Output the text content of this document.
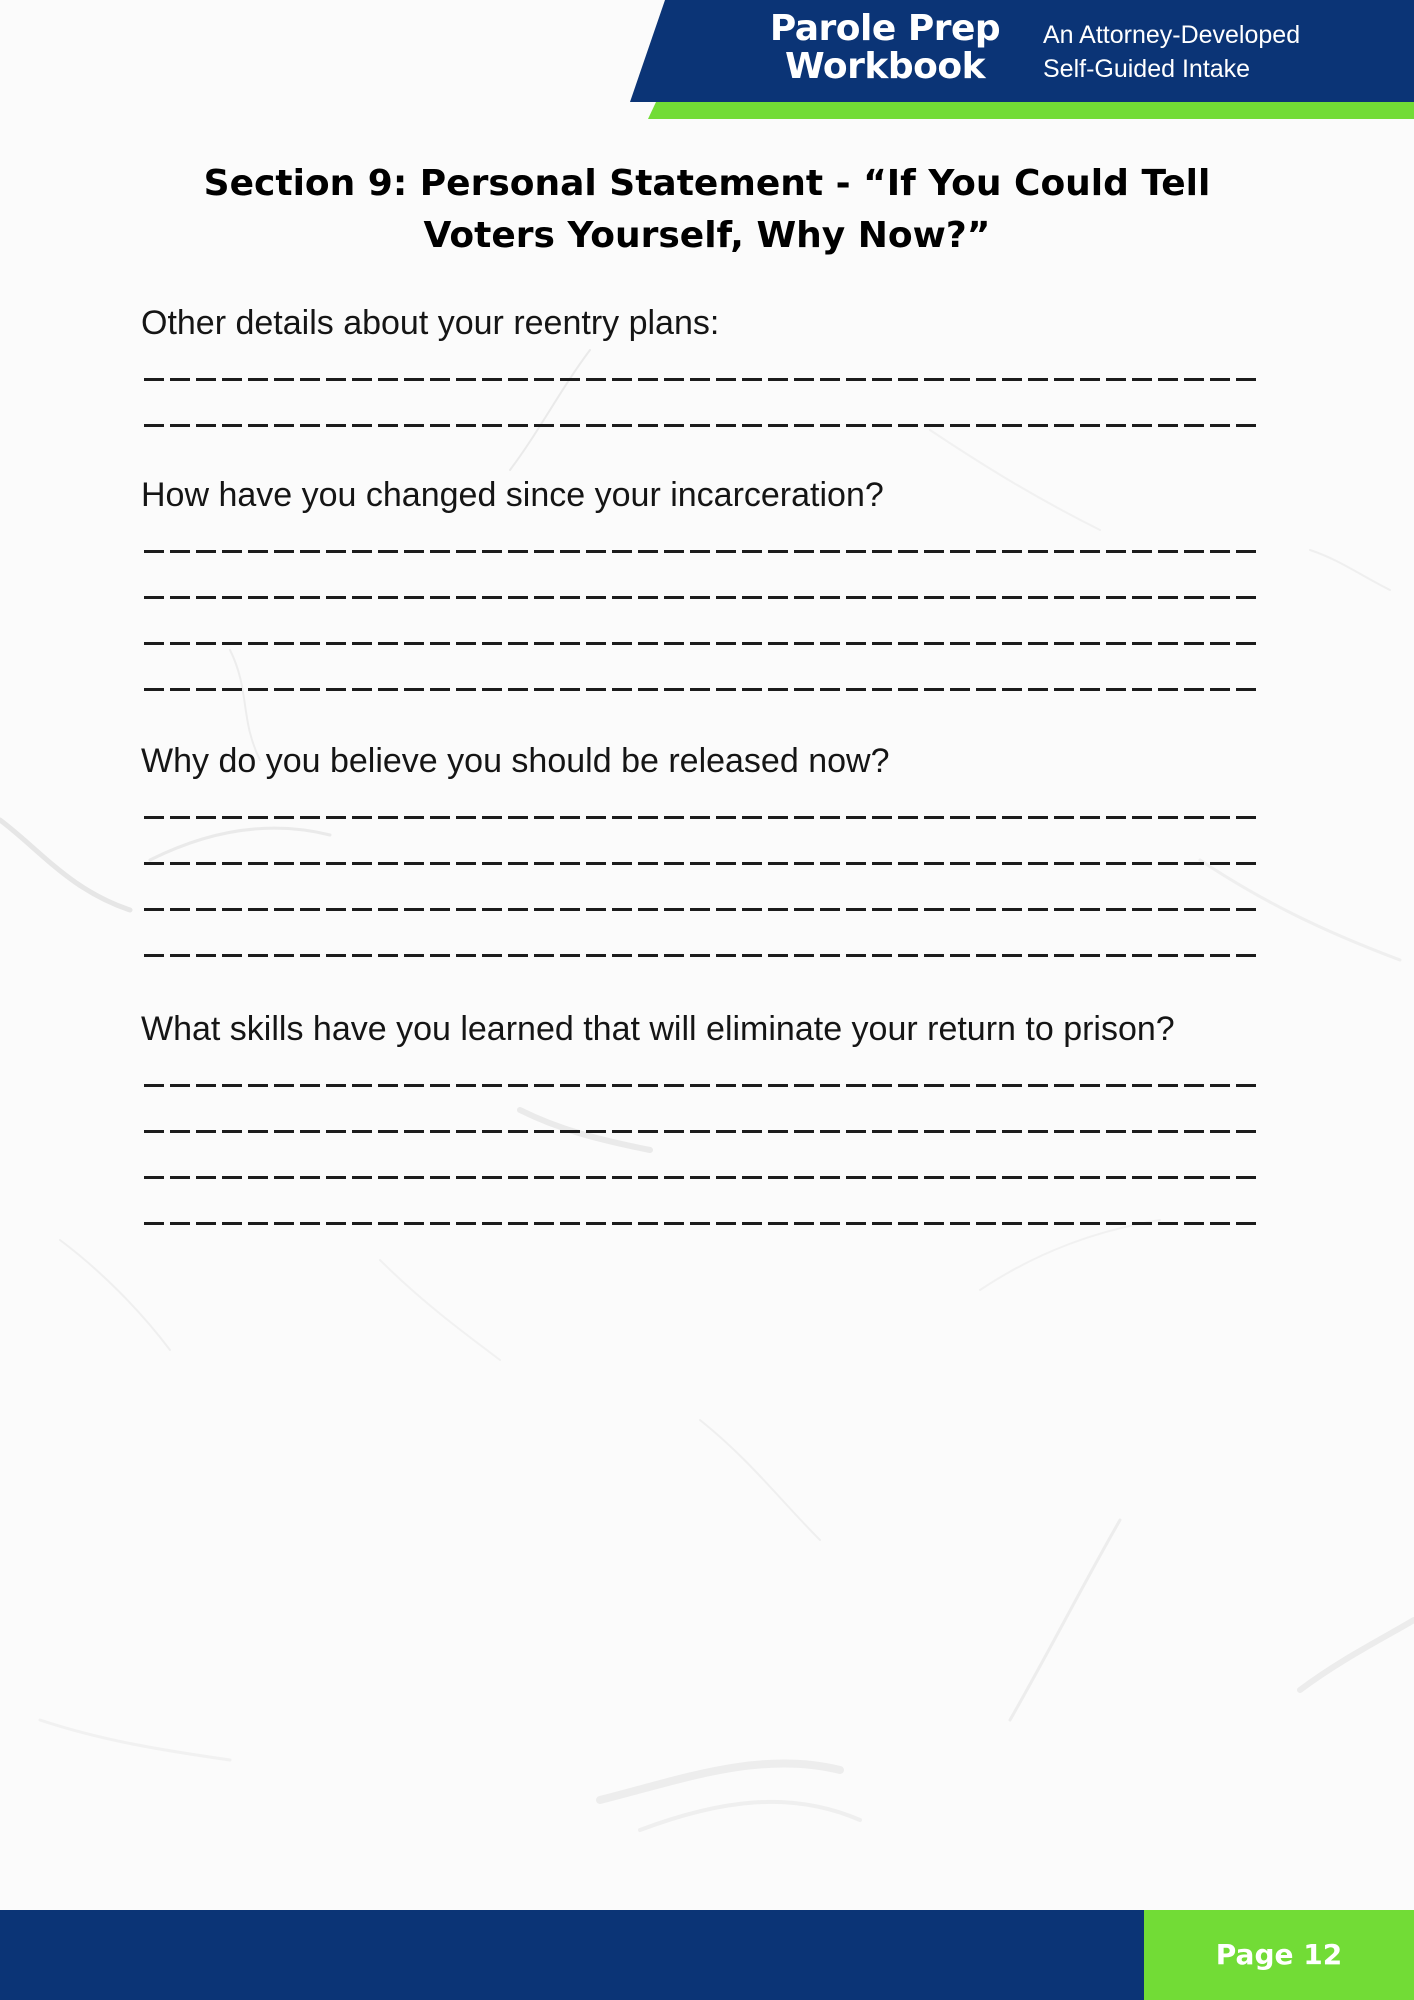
Parole Prep
Workbook
An Attorney-Developed
Self-Guided Intake
Section 9: Personal Statement - “If You Could Tell Voters Yourself, Why Now?”

Other details about your reentry plans:

How have you changed since your incarceration?

Why do you believe you should be released now?

What skills have you learned that will eliminate your return to prison?

Page 12
